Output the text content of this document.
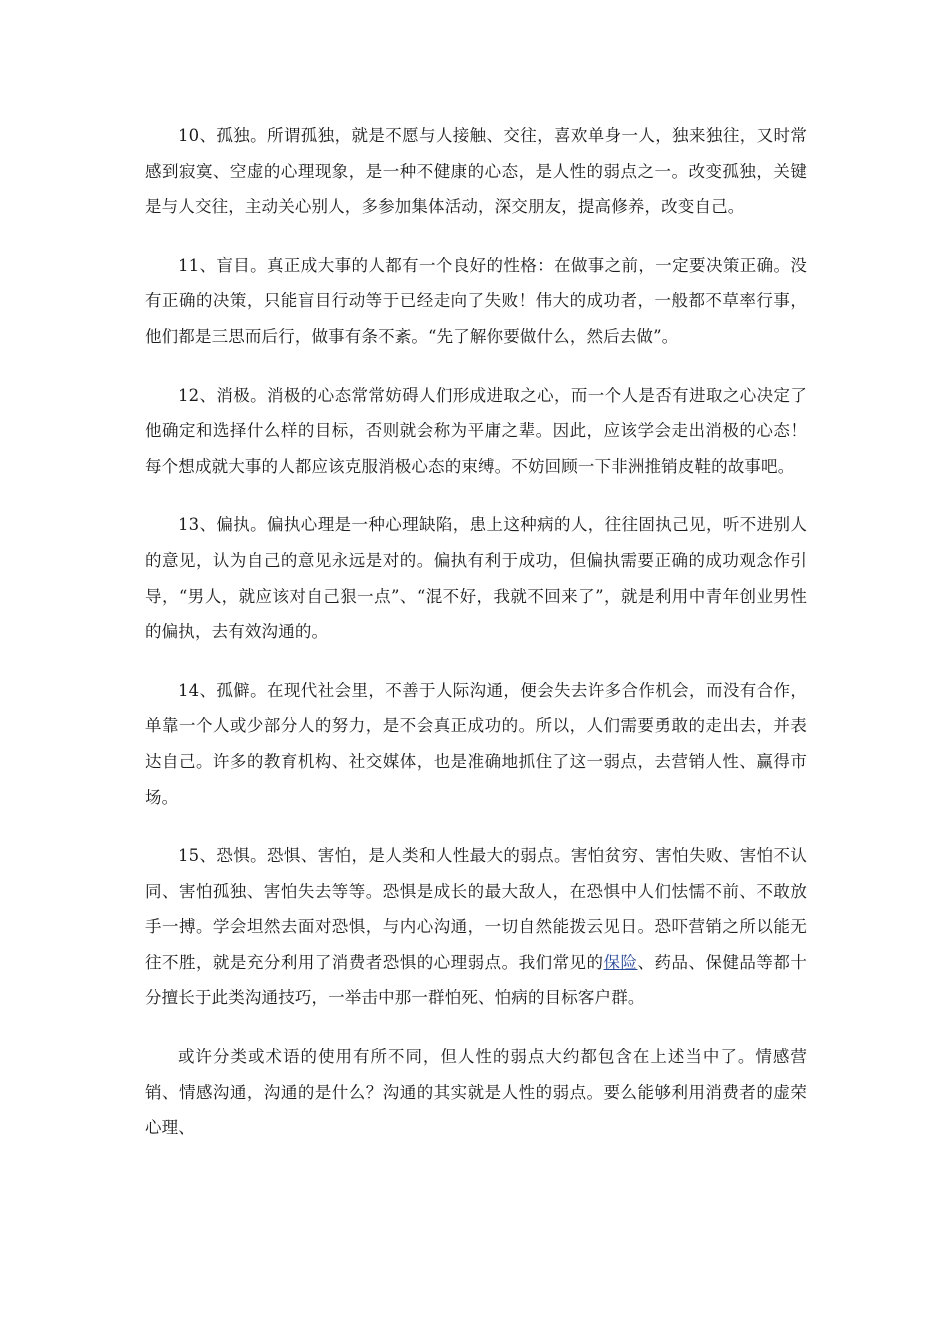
10、孤独。所谓孤独，就是不愿与人接触、交往，喜欢单身一人，独来独往，又时常感到寂寞、空虚的心理现象，是一种不健康的心态，是人性的弱点之一。改变孤独，关键是与人交往，主动关心别人，多参加集体活动，深交朋友，提高修养，改变自己。

11、盲目。真正成大事的人都有一个良好的性格：在做事之前，一定要决策正确。没有正确的决策，只能盲目行动等于已经走向了失败！伟大的成功者，一般都不草率行事，他们都是三思而后行，做事有条不紊。“先了解你要做什么，然后去做”。

12、消极。消极的心态常常妨碍人们形成进取之心，而一个人是否有进取之心决定了他确定和选择什么样的目标，否则就会称为平庸之辈。因此，应该学会走出消极的心态！每个想成就大事的人都应该克服消极心态的束缚。不妨回顾一下非洲推销皮鞋的故事吧。

13、偏执。偏执心理是一种心理缺陷，患上这种病的人，往往固执己见，听不进别人的意见，认为自己的意见永远是对的。偏执有利于成功，但偏执需要正确的成功观念作引导，“男人，就应该对自己狠一点”、“混不好，我就不回来了”，就是利用中青年创业男性的偏执，去有效沟通的。

14、孤僻。在现代社会里，不善于人际沟通，便会失去许多合作机会，而没有合作，单靠一个人或少部分人的努力，是不会真正成功的。所以，人们需要勇敢的走出去，并表达自己。许多的教育机构、社交媒体，也是准确地抓住了这一弱点，去营销人性、赢得市场。

15、恐惧。恐惧、害怕，是人类和人性最大的弱点。害怕贫穷、害怕失败、害怕不认同、害怕孤独、害怕失去等等。恐惧是成长的最大敌人，在恐惧中人们怯懦不前、不敢放手一搏。学会坦然去面对恐惧，与内心沟通，一切自然能拨云见日。恐吓营销之所以能无往不胜，就是充分利用了消费者恐惧的心理弱点。我们常见的保险、药品、保健品等都十分擅长于此类沟通技巧，一举击中那一群怕死、怕病的目标客户群。

或许分类或术语的使用有所不同，但人性的弱点大约都包含在上述当中了。情感营销、情感沟通，沟通的是什么？沟通的其实就是人性的弱点。要么能够利用消费者的虚荣心理、
